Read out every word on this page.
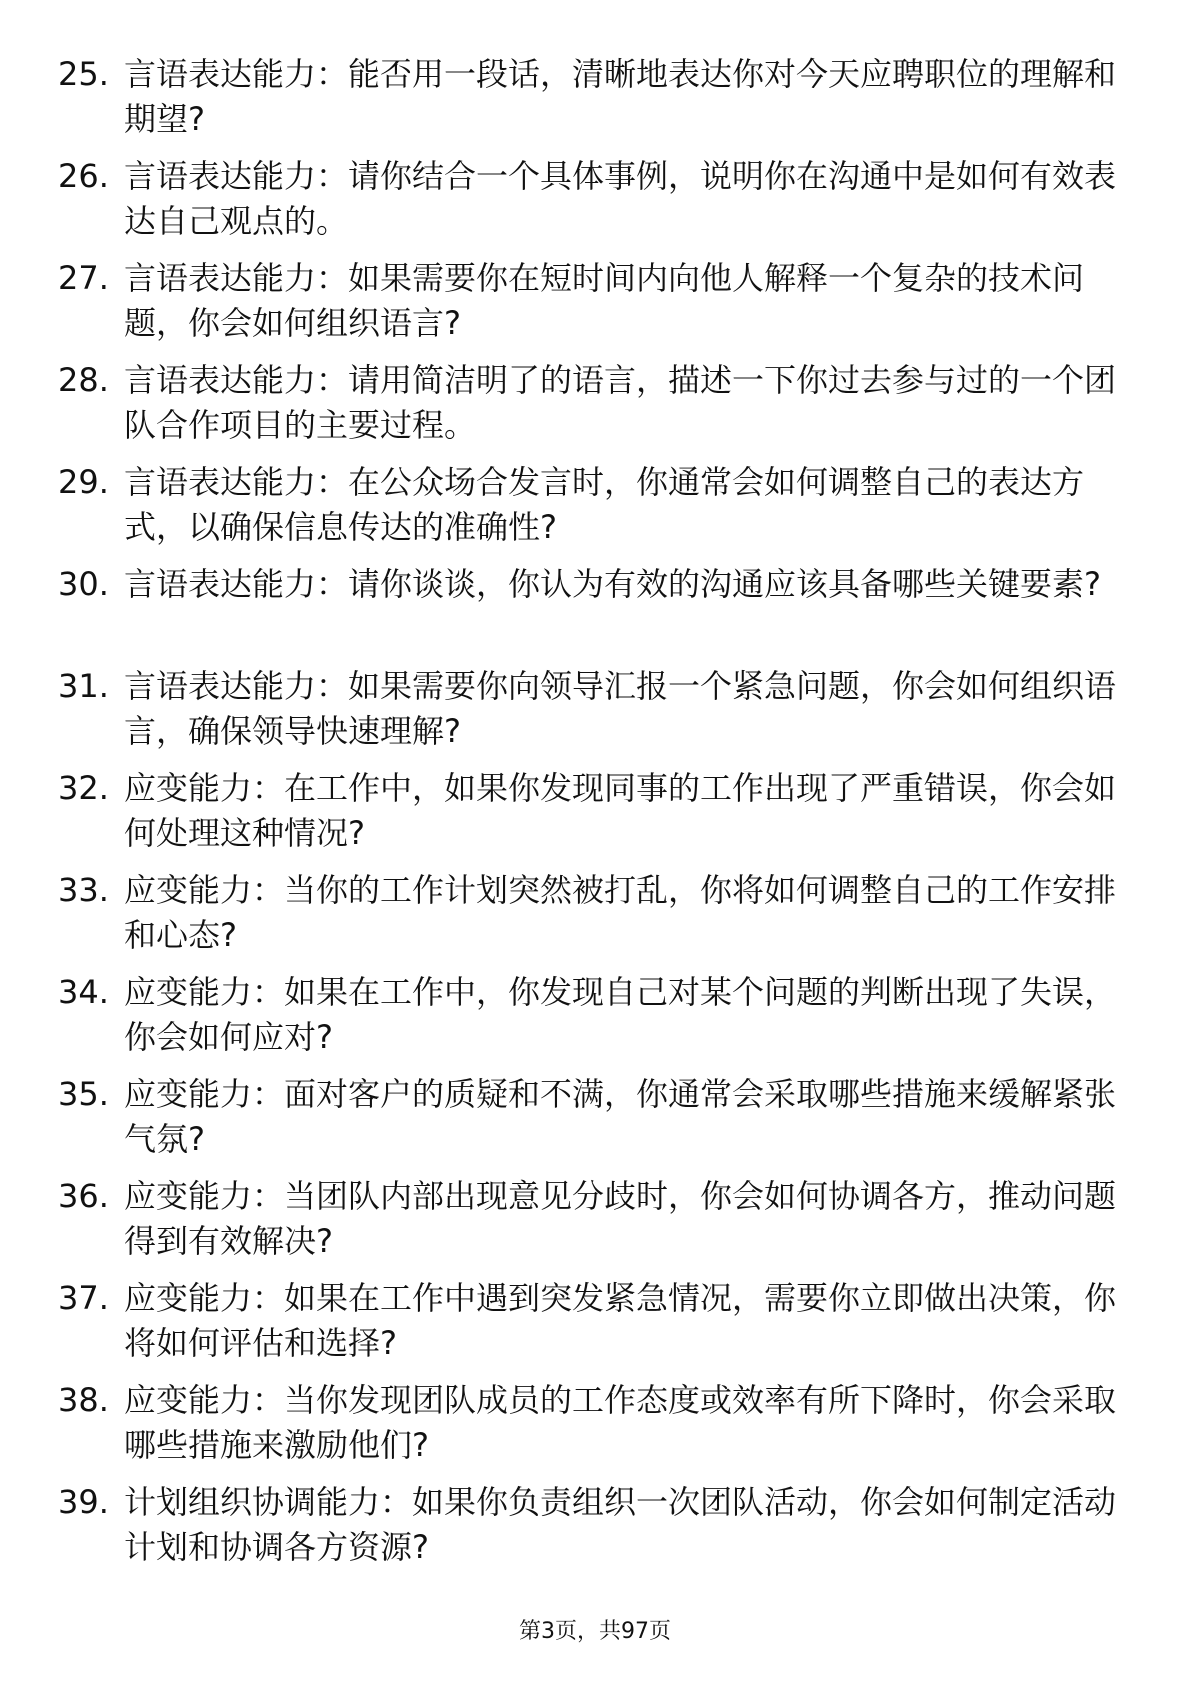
25. 言语表达能力：能否用一段话，清晰地表达你对今天应聘职位的理解和期望?
26. 言语表达能力：请你结合一个具体事例，说明你在沟通中是如何有效表达自己观点的。
27. 言语表达能力：如果需要你在短时间内向他人解释一个复杂的技术问题，你会如何组织语言?
28. 言语表达能力：请用简洁明了的语言，描述一下你过去参与过的一个团队合作项目的主要过程。
29. 言语表达能力：在公众场合发言时，你通常会如何调整自己的表达方式，以确保信息传达的准确性?
30. 言语表达能力：请你谈谈，你认为有效的沟通应该具备哪些关键要素?
31. 言语表达能力：如果需要你向领导汇报一个紧急问题，你会如何组织语言，确保领导快速理解?
32. 应变能力：在工作中，如果你发现同事的工作出现了严重错误，你会如何处理这种情况?
33. 应变能力：当你的工作计划突然被打乱，你将如何调整自己的工作安排和心态?
34. 应变能力：如果在工作中，你发现自己对某个问题的判断出现了失误，你会如何应对?
35. 应变能力：面对客户的质疑和不满，你通常会采取哪些措施来缓解紧张气氛?
36. 应变能力：当团队内部出现意见分歧时，你会如何协调各方，推动问题得到有效解决?
37. 应变能力：如果在工作中遇到突发紧急情况，需要你立即做出决策，你将如何评估和选择?
38. 应变能力：当你发现团队成员的工作态度或效率有所下降时，你会采取哪些措施来激励他们?
39. 计划组织协调能力：如果你负责组织一次团队活动，你会如何制定活动计划和协调各方资源?
第3页，共97页
